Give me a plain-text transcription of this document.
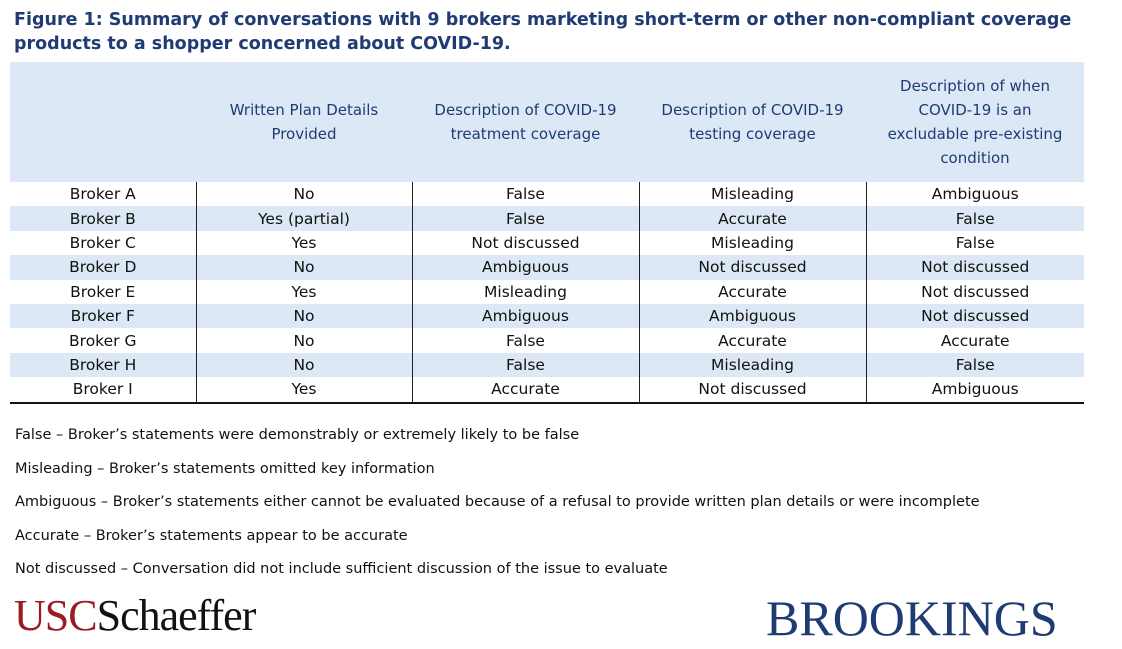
Figure 1: Summary of conversations with 9 brokers marketing short-term or other non-compliant coverage products to a shopper concerned about COVID-19.
	Written Plan Details Provided	Description of COVID-19 treatment coverage	Description of COVID-19 testing coverage	Description of when COVID-19 is an excludable pre-existing condition
Broker A	No	False	Misleading	Ambiguous
Broker B	Yes (partial)	False	Accurate	False
Broker C	Yes	Not discussed	Misleading	False
Broker D	No	Ambiguous	Not discussed	Not discussed
Broker E	Yes	Misleading	Accurate	Not discussed
Broker F	No	Ambiguous	Ambiguous	Not discussed
Broker G	No	False	Accurate	Accurate
Broker H	No	False	Misleading	False
Broker I	Yes	Accurate	Not discussed	Ambiguous
False – Broker’s statements were demonstrably or extremely likely to be false
Misleading – Broker’s statements omitted key information
Ambiguous – Broker’s statements either cannot be evaluated because of a refusal to provide written plan details or were incomplete
Accurate – Broker’s statements appear to be accurate
Not discussed – Conversation did not include sufficient discussion of the issue to evaluate
USCSchaeffer	BROOKINGS
